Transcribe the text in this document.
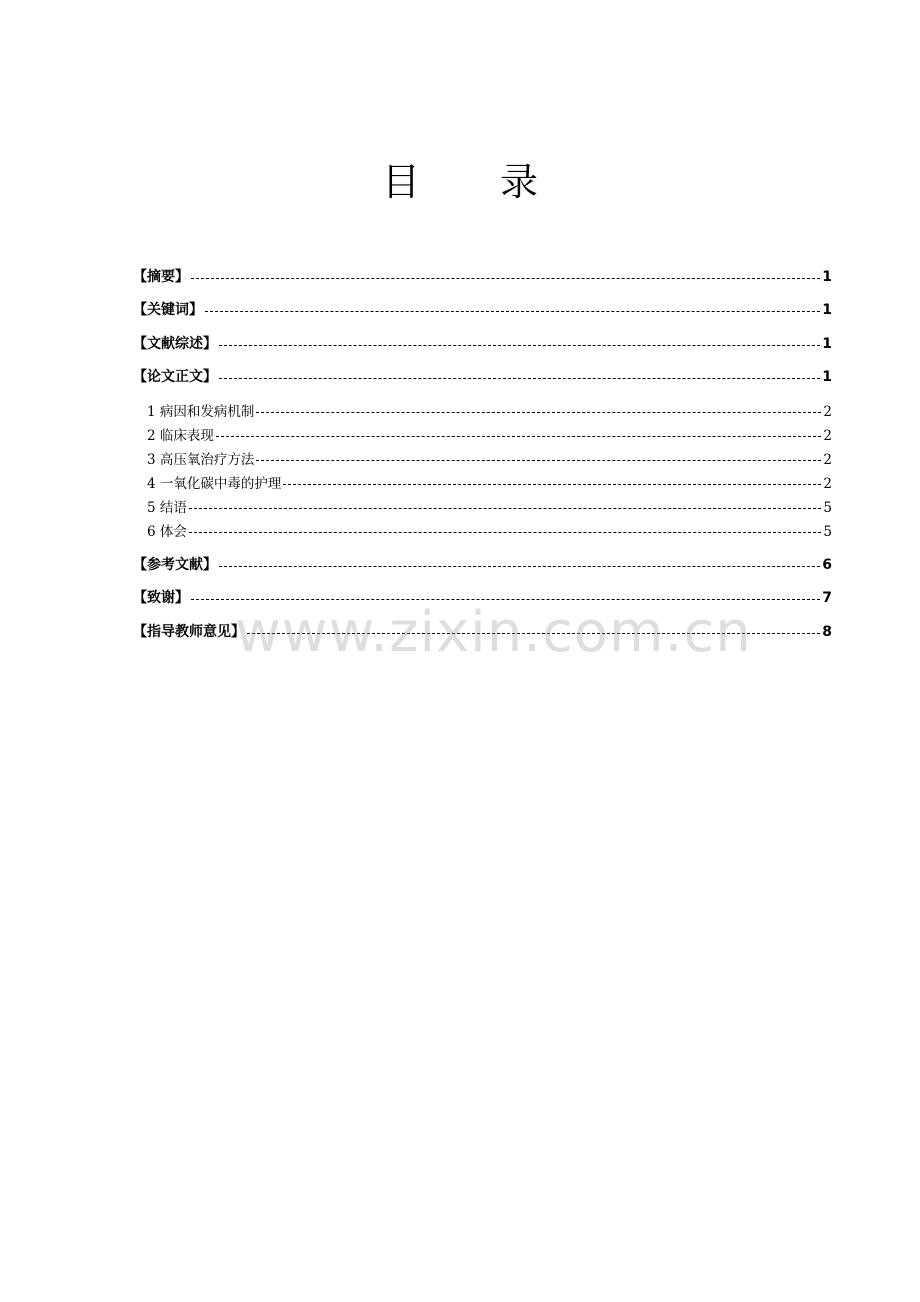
目 录
【摘要】	1
【关键词】	1
【文献综述】	1
【论文正文】	1
1 病因和发病机制	2
2 临床表现	2
3 高压氧治疗方法	2
4 一氧化碳中毒的护理	2
5 结语	5
6 体会	5
【参考文献】	6
【致谢】	7
【指导教师意见】	8
www.zixin.com.cn
